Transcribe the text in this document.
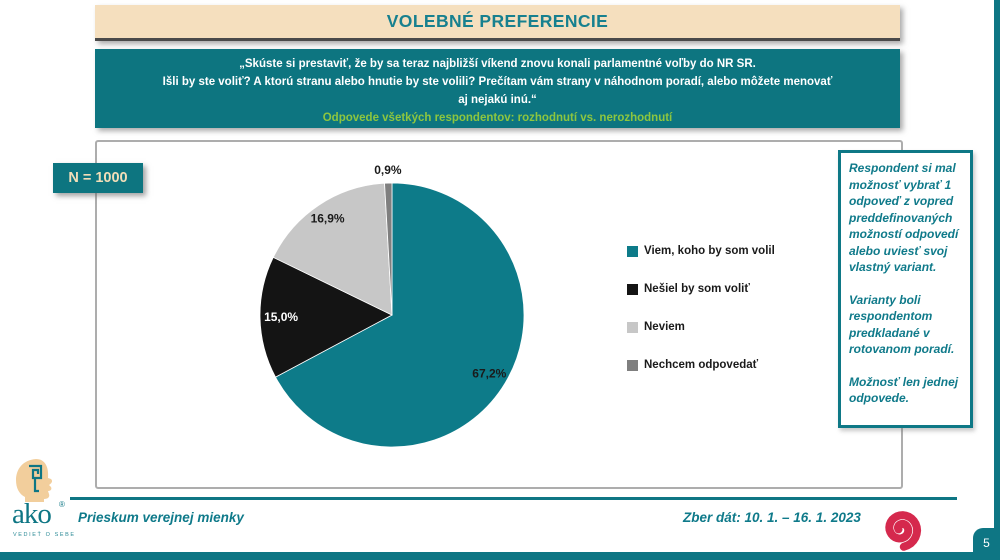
5
VOLEBNÉ PREFERENCIE
„Skúste si prestaviť, že by sa teraz najbližší víkend znovu konali parlamentné voľby do NR SR.
Išli by ste voliť? A ktorú stranu alebo hnutie by ste volili? Prečítam vám strany v náhodnom poradí, alebo môžete menovať
aj nejakú inú.“
Odpovede všetkých respondentov: rozhodnutí vs. nerozhodnutí
67,2%
15,0%
16,9%
0,9%
Viem, koho by som volil
Nešiel by som voliť
Neviem
Nechcem odpovedať
N = 1000

Respondent si mal možnosť vybrať 1 odpoveď z vopred preddefinovaných možností odpovedí alebo uviesť svoj vlastný variant.

Varianty boli respondentom predkladané v rotovanom poradí.

Možnosť len jednej odpovede.

Prieskum verejnej mienky	Zber dát: 10. 1. – 16. 1. 2023
ako ®
VEDIEŤ O SEBE
